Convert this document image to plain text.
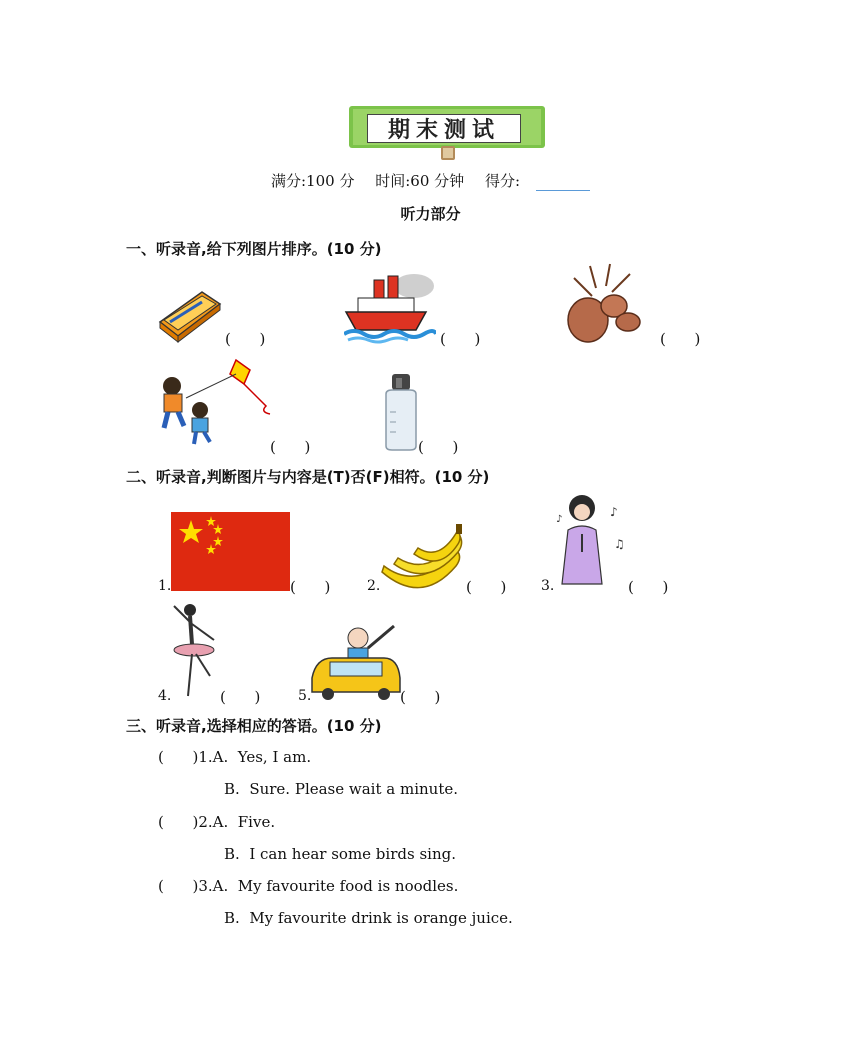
期末测试
满分:100 分 时间:60 分钟 得分:
听力部分
一、听录音,给下列图片排序。(10 分)
(      )	(      )	(      )
(      )	(      )
二、听录音,判断图片与内容是(T)否(F)相符。(10 分)
1.	(      )	2.	(      ) 3.
♪
♫
♪
(      )
4.	(      )	5.	(      )
三、听录音,选择相应的答语。(10 分)
(      )1.A.  Yes, I am.
B.  Sure. Please wait a minute.
(      )2.A.  Five.
B.  I can hear some birds sing.
(      )3.A.  My favourite food is noodles.
B.  My favourite drink is orange juice.
